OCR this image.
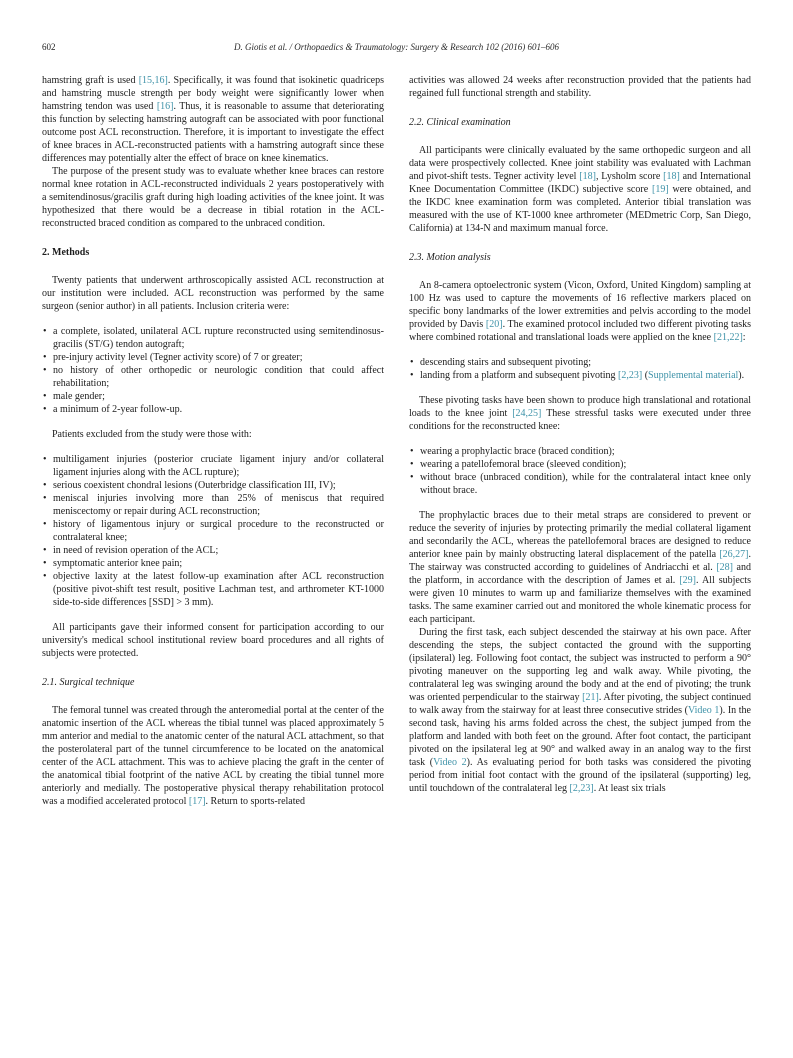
602	D. Giotis et al. / Orthopaedics & Traumatology: Surgery & Research 102 (2016) 601–606

hamstring graft is used [15,16]. Specifically, it was found that isokinetic quadriceps and hamstring muscle strength per body weight were significantly lower when hamstring tendon was used [16]. Thus, it is reasonable to assume that deteriorating this function by selecting hamstring autograft can be associated with poor functional outcome post ACL reconstruction. Therefore, it is important to investigate the effect of knee braces in ACL-reconstructed patients with a hamstring autograft since these differences may potentially alter the effect of brace on knee kinematics.

The purpose of the present study was to evaluate whether knee braces can restore normal knee rotation in ACL-reconstructed individuals 2 years postoperatively with a semitendinosus/gracilis graft during high loading activities of the knee joint. It was hypothesized that there would be a decrease in tibial rotation in the ACL-reconstructed braced condition as compared to the unbraced condition.

2. Methods

Twenty patients that underwent arthroscopically assisted ACL reconstruction at our institution were included. ACL reconstruction was performed by the same surgeon (senior author) in all patients. Inclusion criteria were:

• a complete, isolated, unilateral ACL rupture reconstructed using semitendinosus-gracilis (ST/G) tendon autograft;
• pre-injury activity level (Tegner activity score) of 7 or greater;
• no history of other orthopedic or neurologic condition that could affect rehabilitation;
• male gender;
• a minimum of 2-year follow-up.

Patients excluded from the study were those with:

• multiligament injuries (posterior cruciate ligament injury and/or collateral ligament injuries along with the ACL rupture);
• serious coexistent chondral lesions (Outerbridge classification III, IV);
• meniscal injuries involving more than 25% of meniscus that required meniscectomy or repair during ACL reconstruction;
• history of ligamentous injury or surgical procedure to the reconstructed or contralateral knee;
• in need of revision operation of the ACL;
• symptomatic anterior knee pain;
• objective laxity at the latest follow-up examination after ACL reconstruction (positive pivot-shift test result, positive Lachman test, and arthrometer KT-1000 side-to-side differences [SSD] > 3 mm).

All participants gave their informed consent for participation according to our university's medical school institutional review board procedures and all rights of subjects were protected.

2.1. Surgical technique

The femoral tunnel was created through the anteromedial portal at the center of the anatomic insertion of the ACL whereas the tibial tunnel was placed approximately 5 mm anterior and medial to the anatomic center of the natural ACL attachment, so that the posterolateral part of the tunnel circumference to be located on the anatomical center of the ACL attachment. This was to achieve placing the graft in the center of the anatomical tibial footprint of the native ACL by creating the tibial tunnel more anteriorly and medially. The postoperative physical therapy rehabilitation protocol was a modified accelerated protocol [17]. Return to sports-related

activities was allowed 24 weeks after reconstruction provided that the patients had regained full functional strength and stability.

2.2. Clinical examination

All participants were clinically evaluated by the same orthopedic surgeon and all data were prospectively collected. Knee joint stability was evaluated with Lachman and pivot-shift tests. Tegner activity level [18], Lysholm score [18] and International Knee Documentation Committee (IKDC) subjective score [19] were obtained, and the IKDC knee examination form was completed. Anterior tibial translation was measured with the use of KT-1000 knee arthrometer (MEDmetric Corp, San Diego, California) at 134-N and maximum manual force.

2.3. Motion analysis

An 8-camera optoelectronic system (Vicon, Oxford, United Kingdom) sampling at 100 Hz was used to capture the movements of 16 reflective markers placed on specific bony landmarks of the lower extremities and pelvis according to the model provided by Davis [20]. The examined protocol included two different pivoting tasks where combined rotational and translational loads were applied on the knee [21,22]:

• descending stairs and subsequent pivoting;
• landing from a platform and subsequent pivoting [2,23] (Supplemental material).

These pivoting tasks have been shown to produce high translational and rotational loads to the knee joint [24,25] These stressful tasks were executed under three conditions for the reconstructed knee:

• wearing a prophylactic brace (braced condition);
• wearing a patellofemoral brace (sleeved condition);
• without brace (unbraced condition), while for the contralateral intact knee only without brace.

The prophylactic braces due to their metal straps are considered to prevent or reduce the severity of injuries by protecting primarily the medial collateral ligament and secondarily the ACL, whereas the patellofemoral braces are designed to reduce anterior knee pain by mainly obstructing lateral displacement of the patella [26,27]. The stairway was constructed according to guidelines of Andriacchi et al. [28] and the platform, in accordance with the description of James et al. [29]. All subjects were given 10 minutes to warm up and familiarize themselves with the examined tasks. The same examiner carried out and monitored the whole kinematic process for each participant.

During the first task, each subject descended the stairway at his own pace. After descending the steps, the subject contacted the ground with the supporting (ipsilateral) leg. Following foot contact, the subject was instructed to perform a 90° pivoting maneuver on the supporting leg and walk away. While pivoting, the contralateral leg was swinging around the body and at the end of pivoting; the trunk was oriented perpendicular to the stairway [21]. After pivoting, the subject continued to walk away from the stairway for at least three consecutive strides (Video 1). In the second task, having his arms folded across the chest, the subject jumped from the platform and landed with both feet on the ground. After foot contact, the participant pivoted on the ipsilateral leg at 90° and walked away in an analog way to the first task (Video 2). As evaluating period for both tasks was considered the pivoting period from initial foot contact with the ground of the ipsilateral (supporting) leg, until touchdown of the contralateral leg [2,23]. At least six trials
